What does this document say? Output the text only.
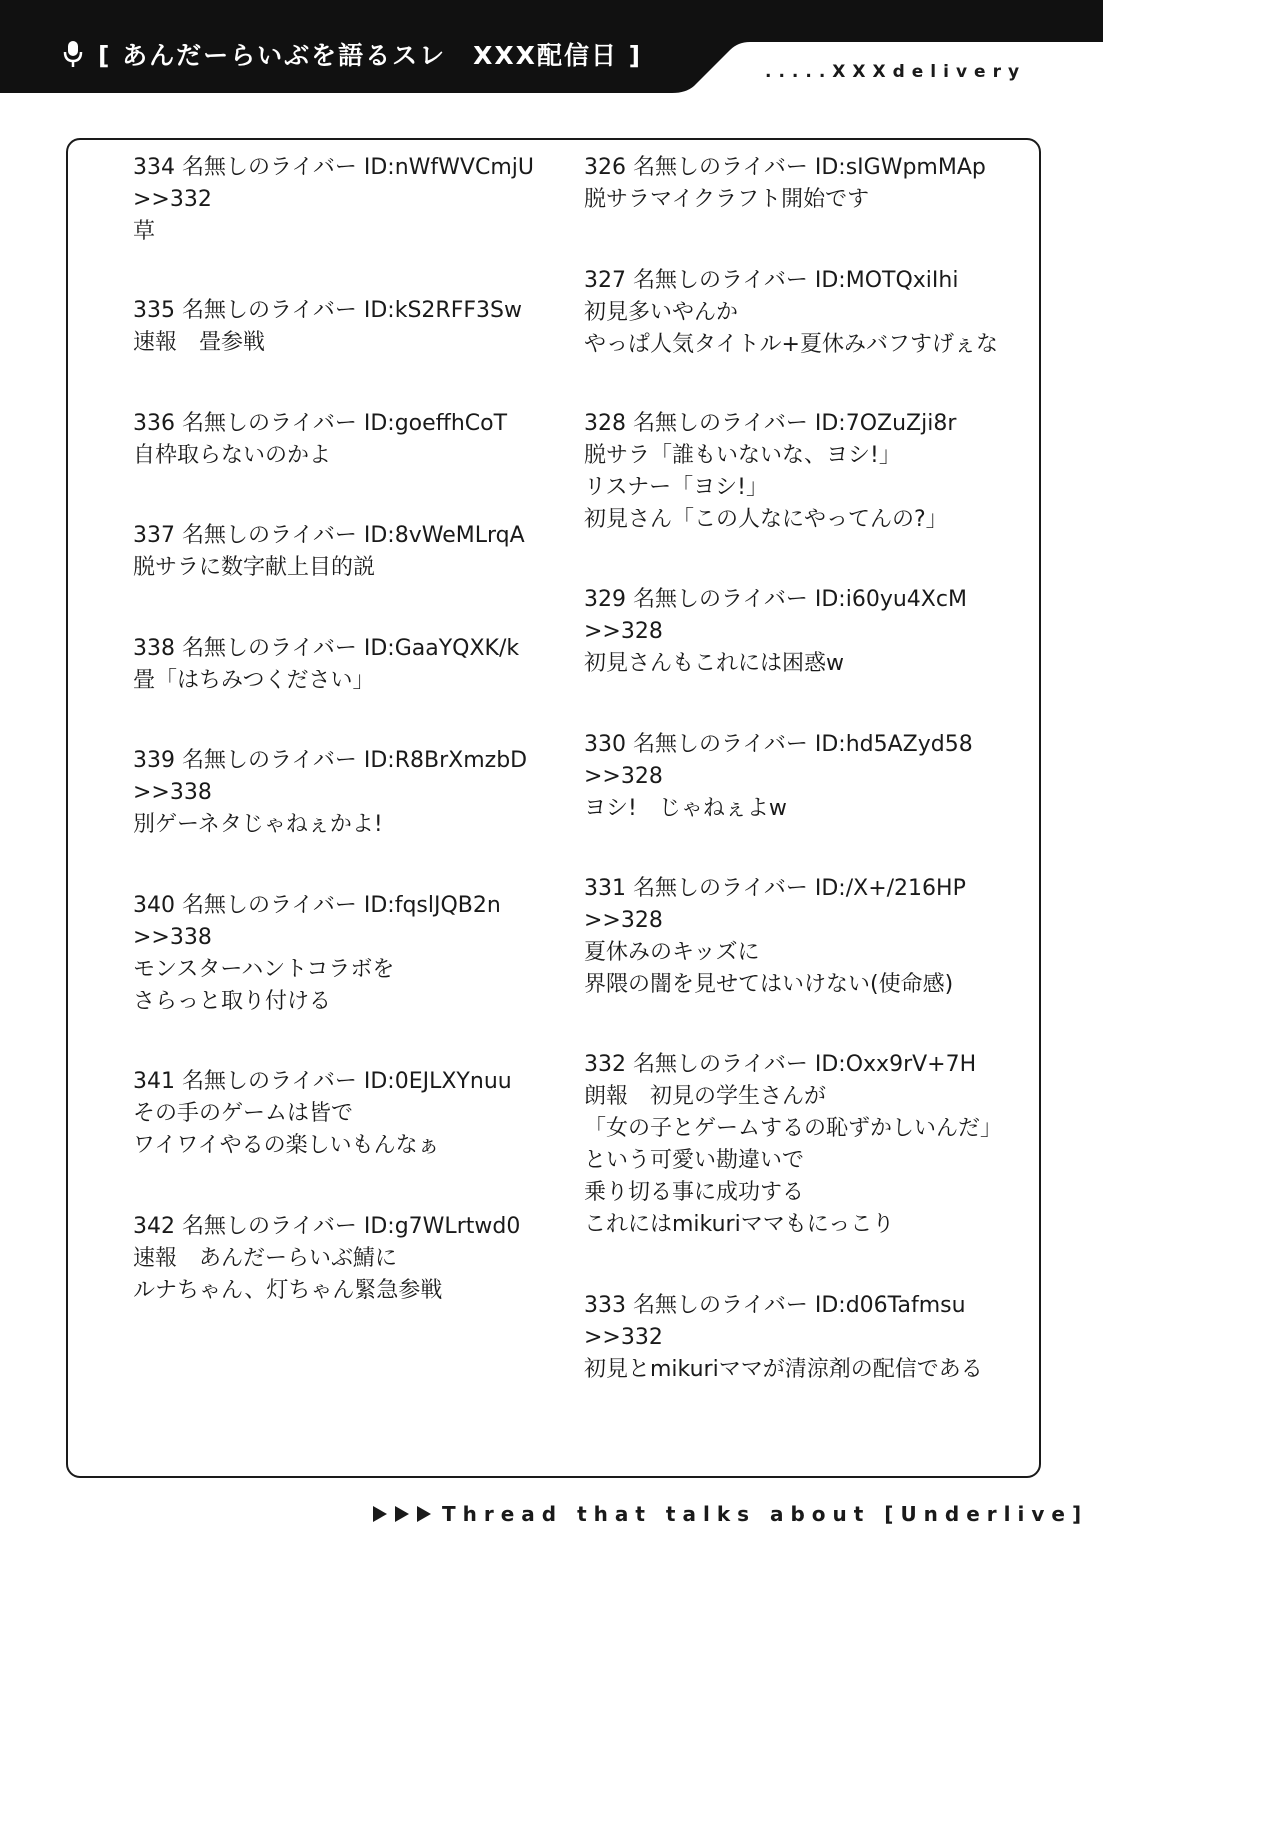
[ あんだーらいぶを語るスレ　XXX配信日 ]
.....XXXdelivery
334 名無しのライバー ID:nWfWVCmjU
>>332
草
335 名無しのライバー ID:kS2RFF3Sw
速報　畳参戦
336 名無しのライバー ID:goeffhCoT
自枠取らないのかよ
337 名無しのライバー ID:8vWeMLrqA
脱サラに数字献上目的説
338 名無しのライバー ID:GaaYQXK/k
畳「はちみつください」
339 名無しのライバー ID:R8BrXmzbD
>>338
別ゲーネタじゃねぇかよ!
340 名無しのライバー ID:fqslJQB2n
>>338
モンスターハントコラボを
さらっと取り付ける
341 名無しのライバー ID:0EJLXYnuu
その手のゲームは皆で
ワイワイやるの楽しいもんなぁ
342 名無しのライバー ID:g7WLrtwd0
速報　あんだーらいぶ鯖に
ルナちゃん、灯ちゃん緊急参戦
326 名無しのライバー ID:sIGWpmMAp
脱サラマイクラフト開始です
327 名無しのライバー ID:MOTQxiIhi
初見多いやんか
やっぱ人気タイトル+夏休みバフすげぇな
328 名無しのライバー ID:7OZuZji8r
脱サラ「誰もいないな、ヨシ!」
リスナー「ヨシ!」
初見さん「この人なにやってんの?」
329 名無しのライバー ID:i60yu4XcM
>>328
初見さんもこれには困惑w
330 名無しのライバー ID:hd5AZyd58
>>328
ヨシ!　じゃねぇよw
331 名無しのライバー ID:/X+/216HP
>>328
夏休みのキッズに
界隈の闇を見せてはいけない(使命感)
332 名無しのライバー ID:Oxx9rV+7H
朗報　初見の学生さんが
「女の子とゲームするの恥ずかしいんだ」
という可愛い勘違いで
乗り切る事に成功する
これにはmikuriママもにっこり
333 名無しのライバー ID:d06Tafmsu
>>332
初見とmikuriママが清涼剤の配信である
Thread that talks about [Underlive]
